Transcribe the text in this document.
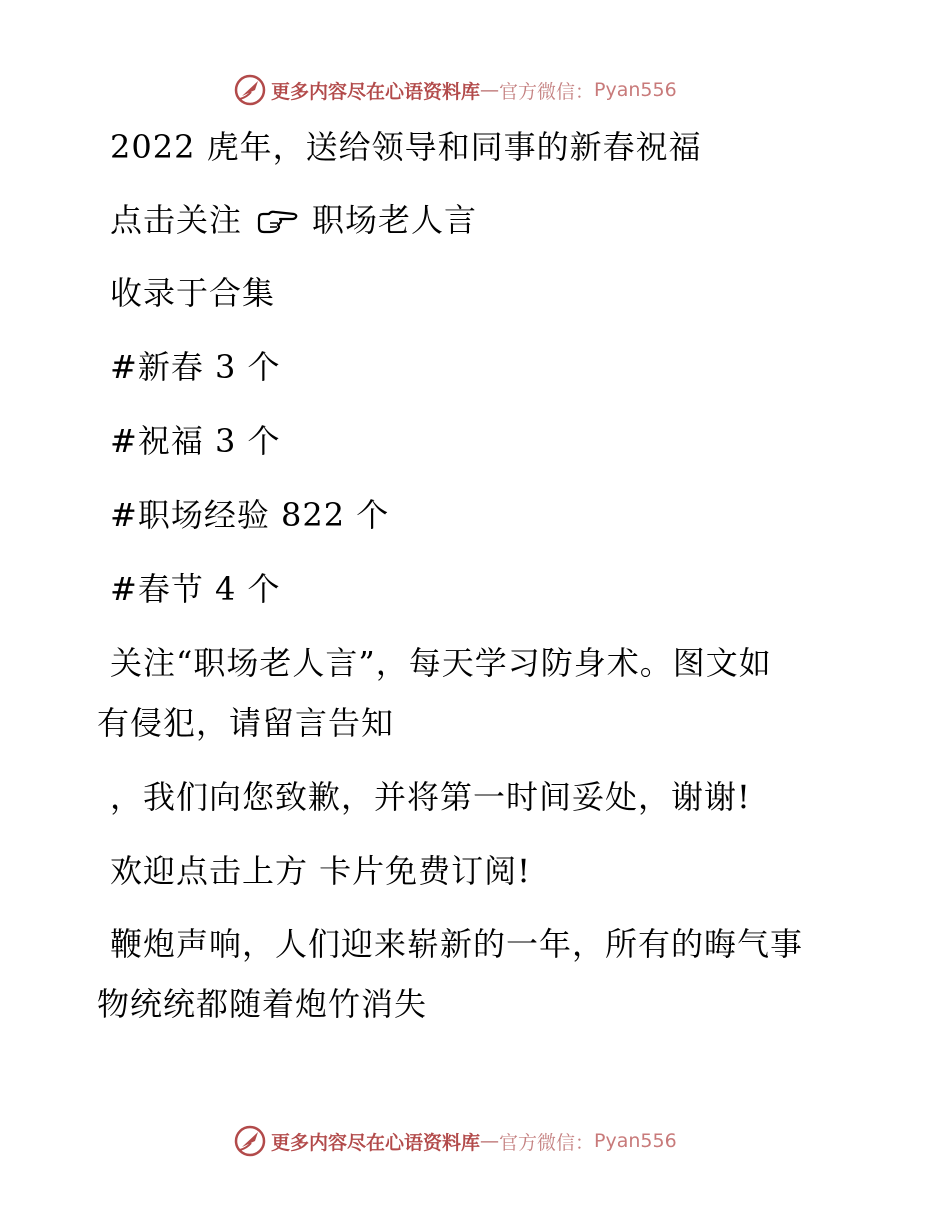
更多内容尽在心语资料库 — 官方微信： Pyan556
2022 虎年，送给领导和同事的新春祝福
点击关注 职场老人言
收录于合集
#新春 3 个
#祝福 3 个
#职场经验 822 个
#春节 4 个
关注“职场老人言”，每天学习防身术。图文如
有侵犯，请留言告知
，我们向您致歉，并将第一时间妥处，谢谢!
欢迎点击上方 卡片免费订阅!
鞭炮声响，人们迎来崭新的一年，所有的晦气事
物统统都随着炮竹消失
更多内容尽在心语资料库 — 官方微信： Pyan556
